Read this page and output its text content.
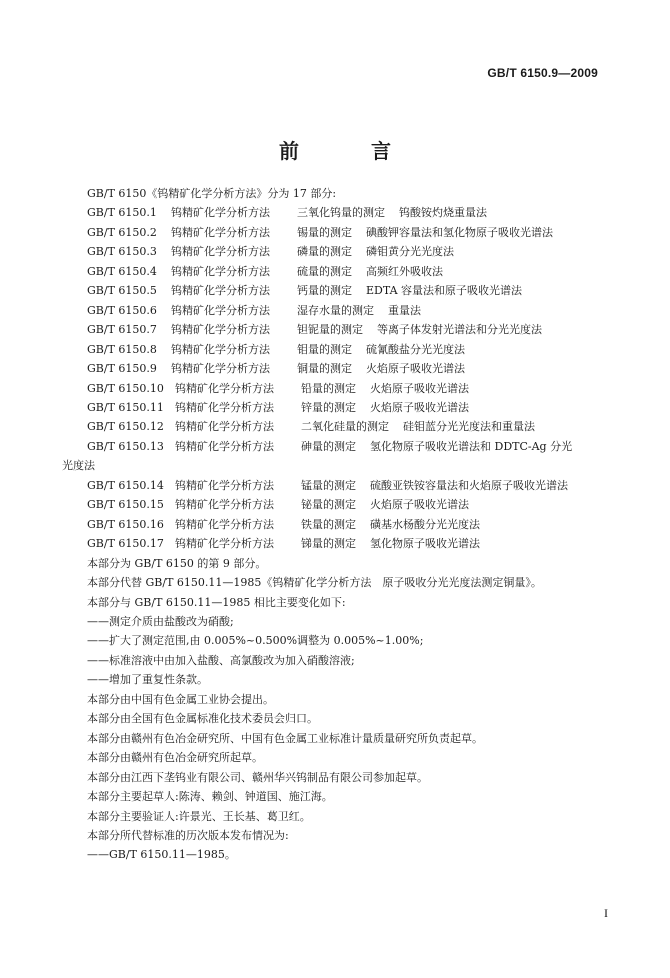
GB/T 6150.9—2009
前　言
GB/T 6150《钨精矿化学分析方法》分为 17 部分:
GB/T 6150.1 钨精矿化学分析方法 三氧化钨量的测定 钨酸铵灼烧重量法
GB/T 6150.2 钨精矿化学分析方法 锡量的测定 碘酸钾容量法和氢化物原子吸收光谱法
GB/T 6150.3 钨精矿化学分析方法 磷量的测定 磷钼黄分光光度法
GB/T 6150.4 钨精矿化学分析方法 硫量的测定 高频红外吸收法
GB/T 6150.5 钨精矿化学分析方法 钙量的测定 EDTA 容量法和原子吸收光谱法
GB/T 6150.6 钨精矿化学分析方法 湿存水量的测定 重量法
GB/T 6150.7 钨精矿化学分析方法 钽铌量的测定 等离子体发射光谱法和分光光度法
GB/T 6150.8 钨精矿化学分析方法 钼量的测定 硫氰酸盐分光光度法
GB/T 6150.9 钨精矿化学分析方法 铜量的测定 火焰原子吸收光谱法
GB/T 6150.10 钨精矿化学分析方法 铅量的测定 火焰原子吸收光谱法
GB/T 6150.11 钨精矿化学分析方法 锌量的测定 火焰原子吸收光谱法
GB/T 6150.12 钨精矿化学分析方法 二氧化硅量的测定 硅钼蓝分光光度法和重量法
GB/T 6150.13 钨精矿化学分析方法 砷量的测定 氢化物原子吸收光谱法和 DDTC-Ag 分光
光度法
GB/T 6150.14 钨精矿化学分析方法 锰量的测定 硫酸亚铁铵容量法和火焰原子吸收光谱法
GB/T 6150.15 钨精矿化学分析方法 铋量的测定 火焰原子吸收光谱法
GB/T 6150.16 钨精矿化学分析方法 铁量的测定 磺基水杨酸分光光度法
GB/T 6150.17 钨精矿化学分析方法 锑量的测定 氢化物原子吸收光谱法
本部分为 GB/T 6150 的第 9 部分。
本部分代替 GB/T 6150.11—1985《钨精矿化学分析方法　原子吸收分光光度法测定铜量》。
本部分与 GB/T 6150.11—1985 相比主要变化如下:
——测定介质由盐酸改为硝酸;
——扩大了测定范围,由 0.005%~0.500%调整为 0.005%~1.00%;
——标准溶液中由加入盐酸、高氯酸改为加入硝酸溶液;
——增加了重复性条款。
本部分由中国有色金属工业协会提出。
本部分由全国有色金属标准化技术委员会归口。
本部分由赣州有色冶金研究所、中国有色金属工业标准计量质量研究所负责起草。
本部分由赣州有色冶金研究所起草。
本部分由江西下垄钨业有限公司、赣州华兴钨制品有限公司参加起草。
本部分主要起草人:陈涛、赖剑、钟道国、施江海。
本部分主要验证人:许景光、王长基、葛卫红。
本部分所代替标准的历次版本发布情况为:
——GB/T 6150.11—1985。
I
